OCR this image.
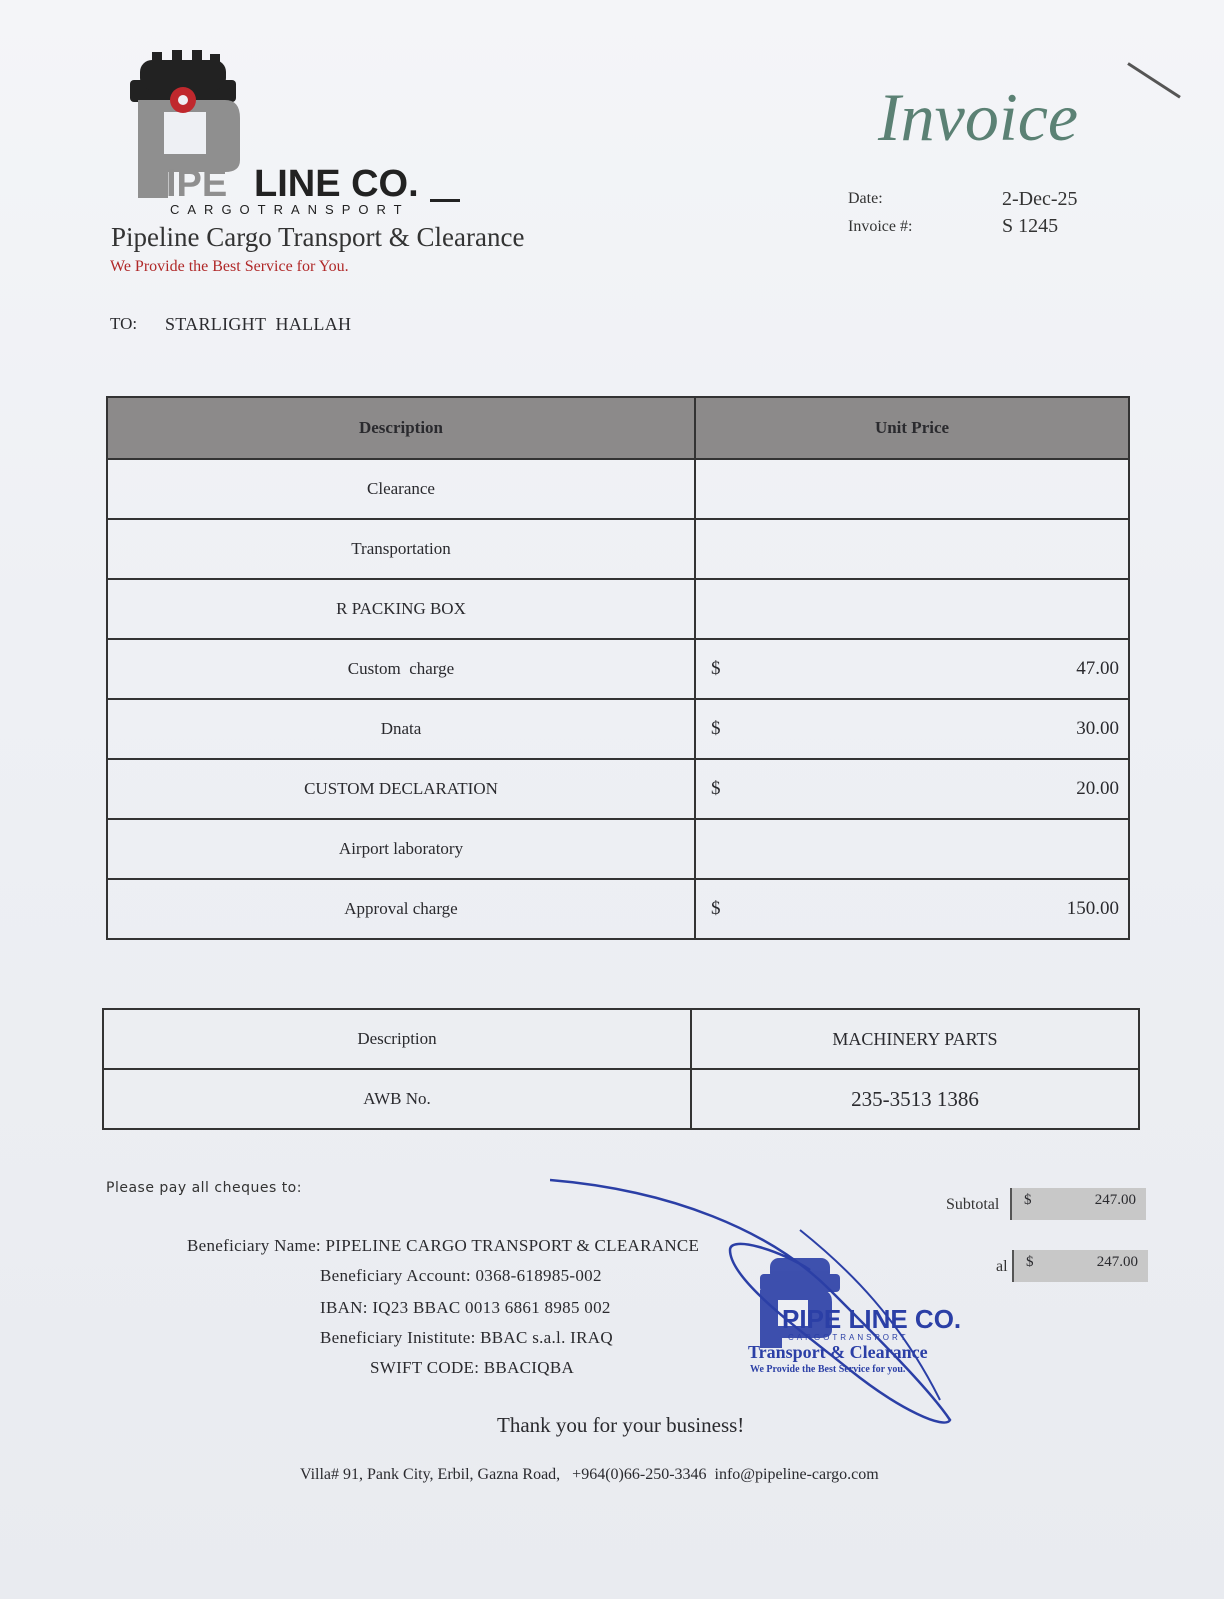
IPE LINE CO.
CARGOTRANSPORT
Pipeline Cargo Transport & Clearance
We Provide the Best Service for You.
Invoice
Date:	2-Dec-25
Invoice #:	S 1245
TO: STARLIGHT  HALLAH
Description	Unit Price
Clearance	

Transportation	

R PACKING BOX	

Custom  charge	$ 47.00

Dnata	$ 30.00

CUSTOM DECLARATION	$ 20.00

Airport laboratory	

Approval charge	$ 150.00
Description	MACHINERY PARTS
AWB No.	235-3513 1386
Please pay all cheques to:
Beneficiary Name: PIPELINE CARGO TRANSPORT & CLEARANCE
Beneficiary Account: 0368-618985-002
IBAN: IQ23 BBAC 0013 6861 8985 002
Beneficiary Inistitute: BBAC s.a.l. IRAQ
SWIFT CODE: BBACIQBA
Subtotal $	247.00
al $	247.00
PIPE LINE CO.
CARGOTRANSPORT
Transport & Clearance
We Provide the Best Service for you.
Thank you for your business!
Villa# 91, Pank City, Erbil, Gazna Road,   +964(0)66-250-3346  info@pipeline-cargo.com
